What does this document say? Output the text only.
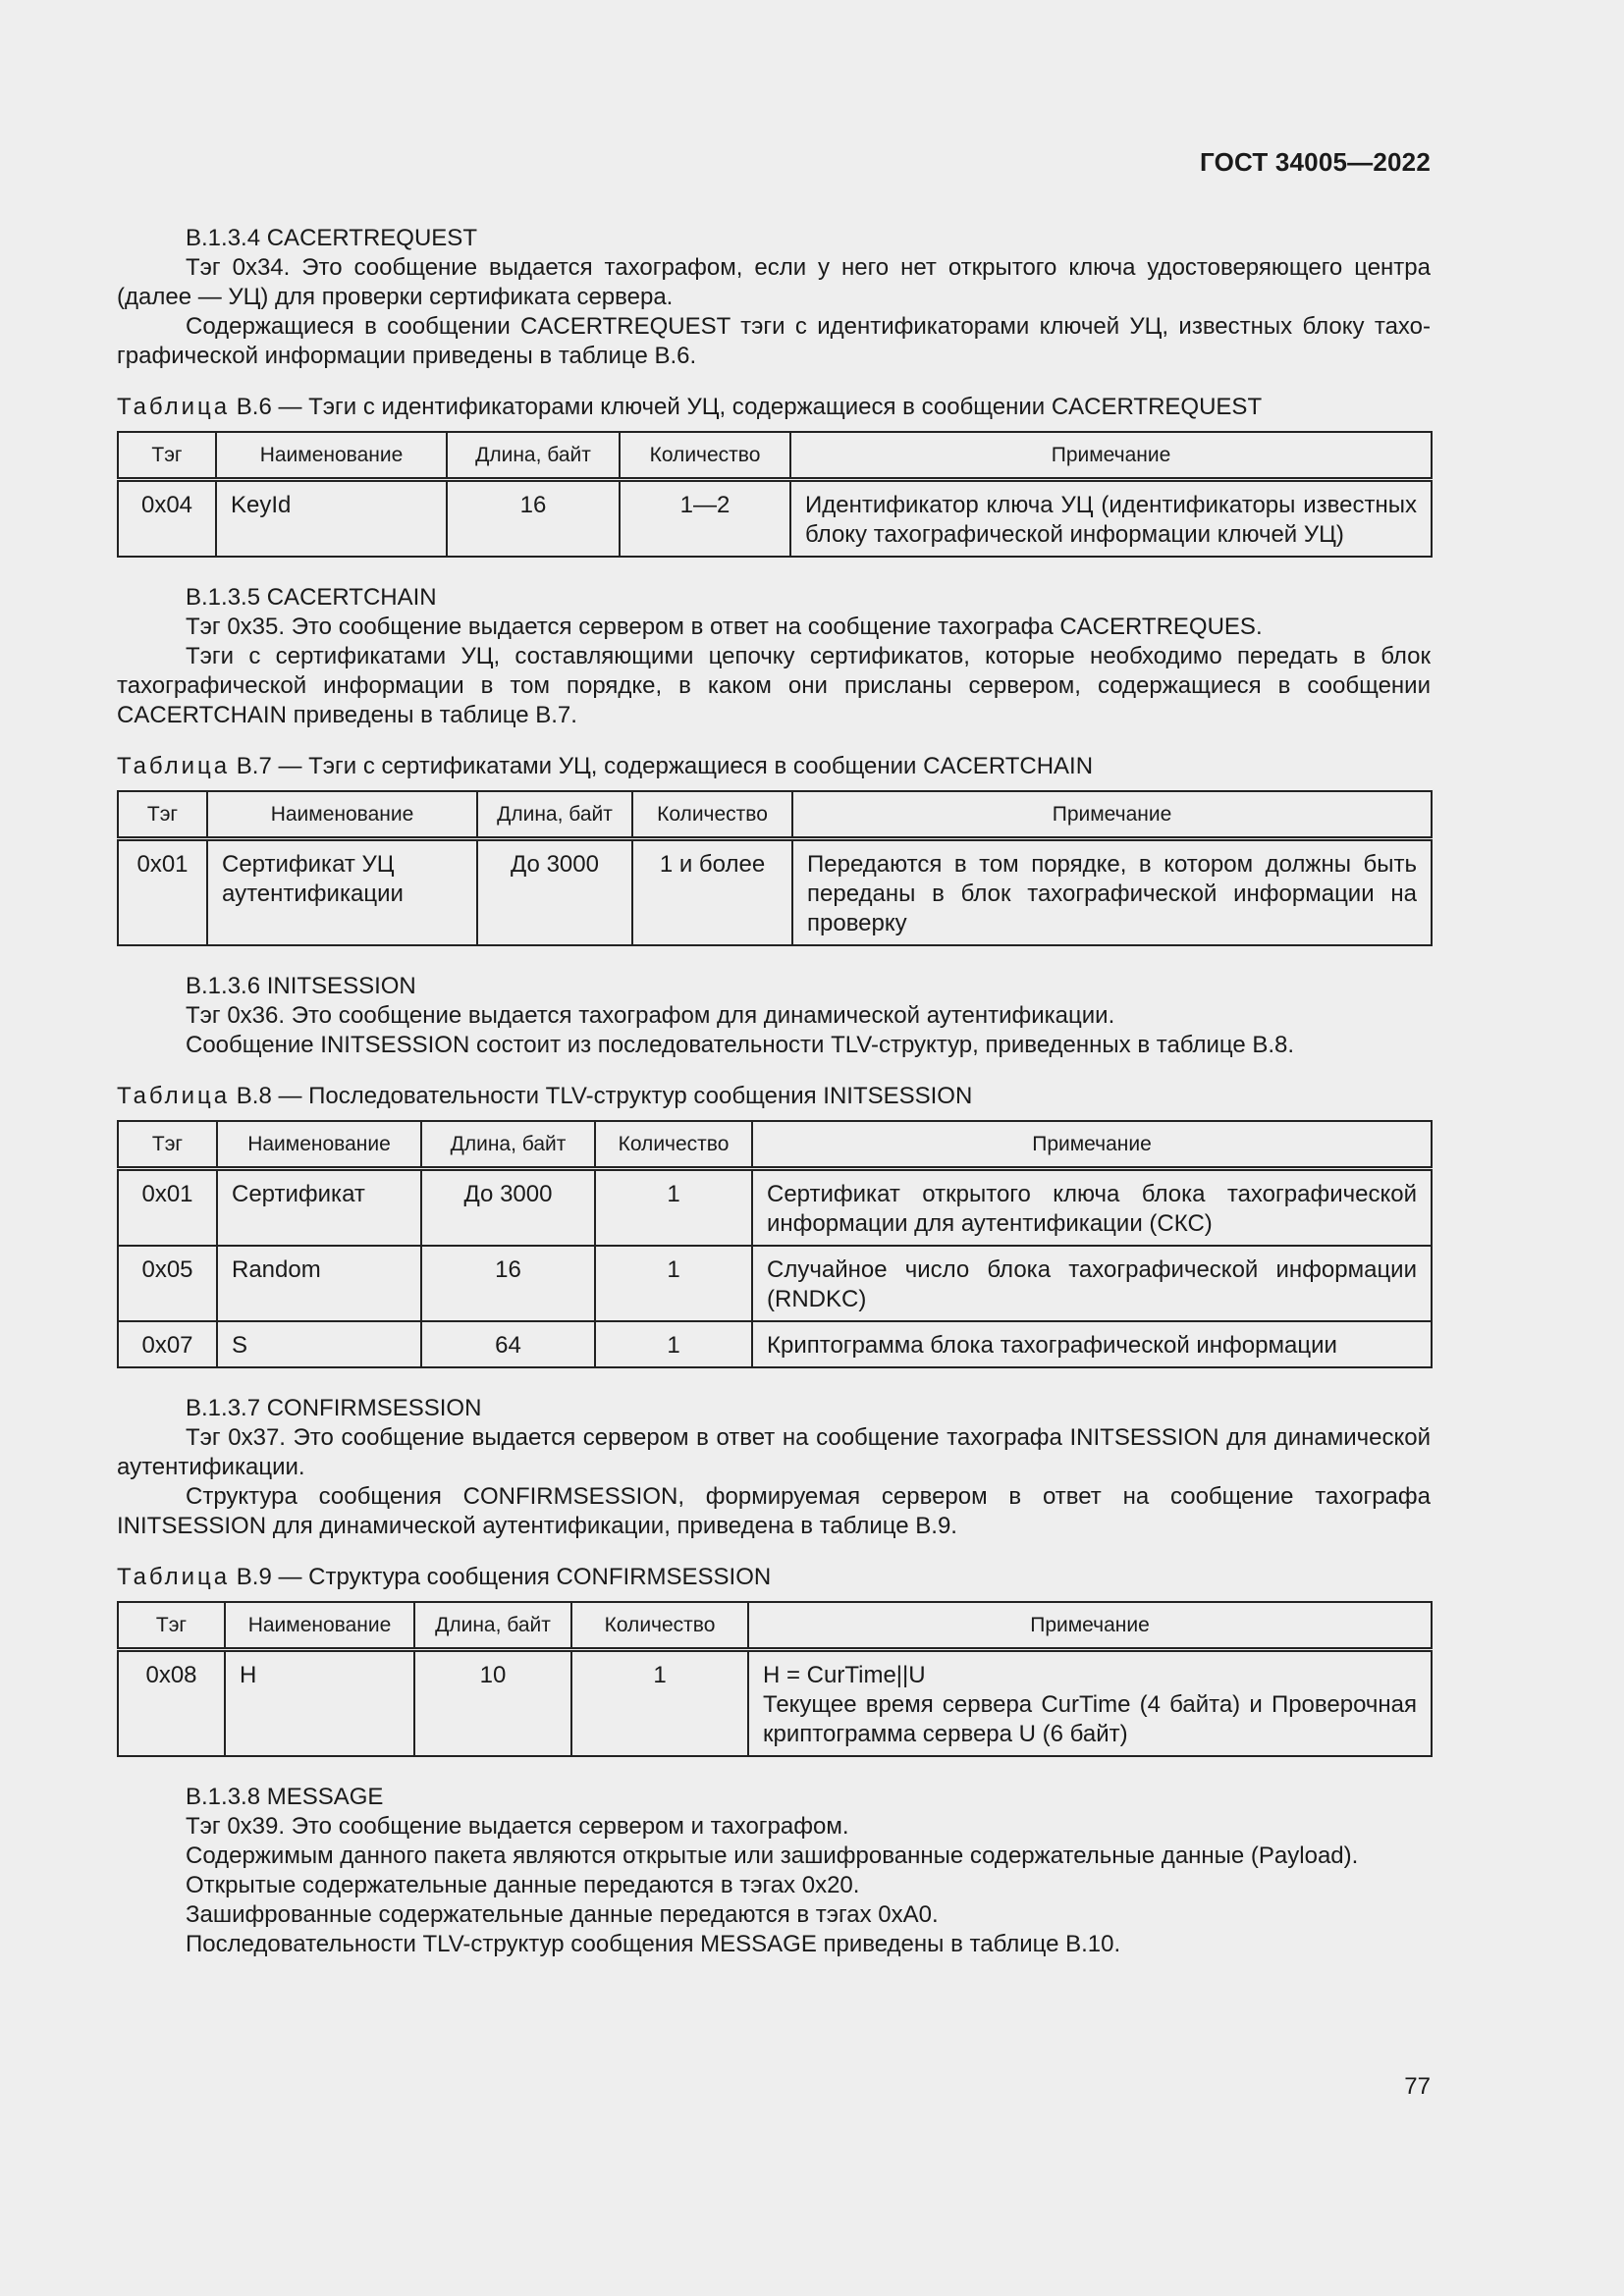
ГОСТ 34005—2022

В.1.3.4 CACERTREQUEST

Тэг 0x34. Это сообщение выдается тахографом, если у него нет открытого ключа удостоверяющего центра (далее — УЦ) для проверки сертификата сервера.

Содержащиеся в сообщении CACERTREQUEST тэги с идентификаторами ключей УЦ, известных блоку тахографической информации приведены в таблице В.6.

Таблица В.6 — Тэги с идентификаторами ключей УЦ, содержащиеся в сообщении CACERTREQUEST

Тэг	Наименование	Длина, байт	Количество	Примечание
0x04	KeyId	16	1—2	Идентификатор ключа УЦ (идентификаторы известных блоку тахографической информации ключей УЦ)

В.1.3.5 CACERTCHAIN

Тэг 0x35. Это сообщение выдается сервером в ответ на сообщение тахографа CACERTREQUES.

Тэги с сертификатами УЦ, составляющими цепочку сертификатов, которые необходимо передать в блок тахографической информации в том порядке, в каком они присланы сервером, содержащиеся в сообщении CACERTCHAIN приведены в таблице В.7.

Таблица В.7 — Тэги с сертификатами УЦ, содержащиеся в сообщении CACERTCHAIN

Тэг	Наименование	Длина, байт	Количество	Примечание
0x01	Сертификат УЦ аутентификации	До 3000	1 и более	Передаются в том порядке, в котором должны быть переданы в блок тахографической информации на проверку

В.1.3.6 INITSESSION

Тэг 0x36. Это сообщение выдается тахографом для динамической аутентификации.

Сообщение INITSESSION состоит из последовательности TLV-структур, приведенных в таблице В.8.

Таблица В.8 — Последовательности TLV-структур сообщения INITSESSION

Тэг	Наименование	Длина, байт	Количество	Примечание
0x01	Сертификат	До 3000	1	Сертификат открытого ключа блока тахографической информации для аутентификации (СКС)
0x05	Random	16	1	Случайное число блока тахографической информации (RNDKC)
0x07	S	64	1	Криптограмма блока тахографической информации

В.1.3.7 CONFIRMSESSION

Тэг 0x37. Это сообщение выдается сервером в ответ на сообщение тахографа INITSESSION для динамической аутентификации.

Структура сообщения CONFIRMSESSION, формируемая сервером в ответ на сообщение тахографа INITSESSION для динамической аутентификации, приведена в таблице В.9.

Таблица В.9 — Структура сообщения CONFIRMSESSION

Тэг	Наименование	Длина, байт	Количество	Примечание
0x08	H	10	1	H = CurTime||U
Текущее время сервера CurTime (4 байта) и Проверочная криптограмма сервера U (6 байт)

В.1.3.8 MESSAGE

Тэг 0x39. Это сообщение выдается сервером и тахографом.

Содержимым данного пакета являются открытые или зашифрованные содержательные данные (Payload).

Открытые содержательные данные передаются в тэгах 0x20.

Зашифрованные содержательные данные передаются в тэгах 0xA0.

Последовательности TLV-структур сообщения MESSAGE приведены в таблице В.10.

77
